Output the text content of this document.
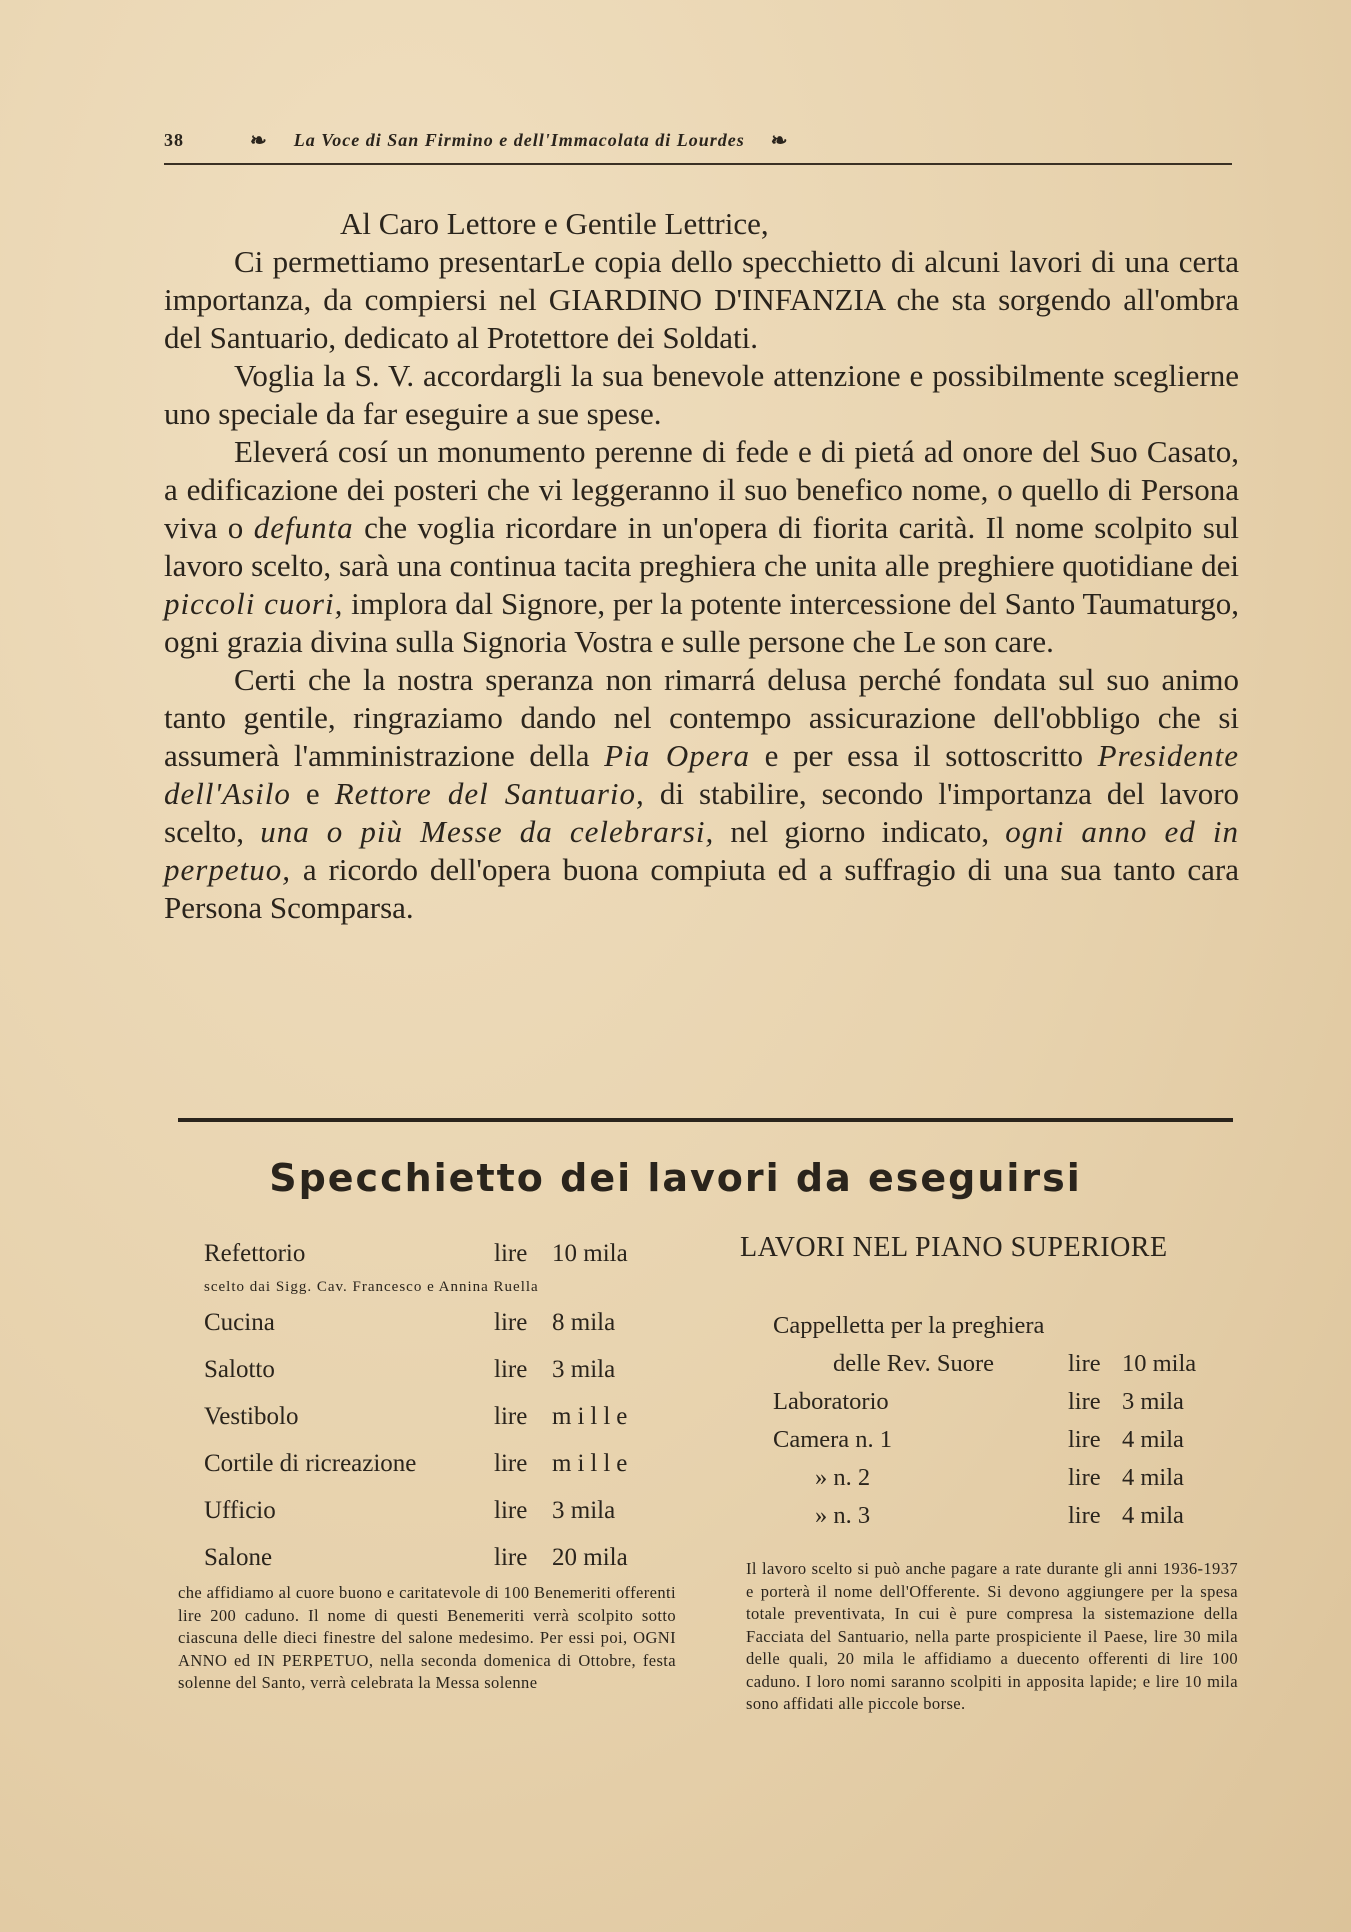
38	❧ La Voce di San Firmino e dell'Immacolata di Lourdes ❧

Al Caro Lettore e Gentile Lettrice,

Ci permettiamo presentarLe copia dello specchietto di alcuni lavori di una certa importanza, da compiersi nel GIARDINO D'INFANZIA che sta sorgendo all'ombra del Santuario, dedicato al Protettore dei Soldati.

Voglia la S. V. accordargli la sua benevole attenzione e possibilmente sceglierne uno speciale da far eseguire a sue spese.

Eleverá cosí un monumento perenne di fede e di pietá ad onore del Suo Casato, a edificazione dei posteri che vi leggeranno il suo benefico nome, o quello di Persona viva o defunta che voglia ricordare in un'opera di fiorita carità. Il nome scolpito sul lavoro scelto, sarà una continua tacita preghiera che unita alle preghiere quotidiane dei piccoli cuori, implora dal Signore, per la potente intercessione del Santo Taumaturgo, ogni grazia divina sulla Signoria Vostra e sulle persone che Le son care.

Certi che la nostra speranza non rimarrá delusa perché fondata sul suo animo tanto gentile, ringraziamo dando nel contempo assicurazione dell'obbligo che si assumerà l'amministrazione della Pia Opera e per essa il sottoscritto Presidente dell'Asilo e Rettore del Santuario, di stabilire, secondo l'importanza del lavoro scelto, una o più Messe da celebrarsi, nel giorno indicato, ogni anno ed in perpetuo, a ricordo dell'opera buona compiuta ed a suffragio di una sua tanto cara Persona Scomparsa.

Specchietto dei lavori da eseguirsi
Refettorio	lire 10 mila
scelto dai Sigg. Cav. Francesco e Annina Ruella
Cucina	lire 8 mila
Salotto	lire 3 mila
Vestibolo	lire mille
Cortile di ricreazione	lire mille
Ufficio	lire 3 mila
Salone	lire 20 mila
che affidiamo al cuore buono e caritatevole di 100 Benemeriti offerenti lire 200 caduno. Il nome di questi Benemeriti verrà scolpito sotto ciascuna delle dieci finestre del salone medesimo. Per essi poi, OGNI ANNO ed IN PERPETUO, nella seconda domenica di Ottobre, festa solenne del Santo, verrà celebrata la Messa solenne
LAVORI NEL PIANO SUPERIORE
Cappelletta per la preghiera
delle Rev. Suore	lire 10 mila
Laboratorio	lire 3 mila
Camera n. 1	lire 4 mila
» n. 2	lire 4 mila
» n. 3	lire 4 mila
Il lavoro scelto si può anche pagare a rate durante gli anni 1936-1937 e porterà il nome dell'Offerente. Si devono aggiungere per la spesa totale preventivata, In cui è pure compresa la sistemazione della Facciata del Santuario, nella parte prospiciente il Paese, lire 30 mila delle quali, 20 mila le affidiamo a duecento offerenti di lire 100 caduno. I loro nomi saranno scolpiti in apposita lapide; e lire 10 mila sono affidati alle piccole borse.
